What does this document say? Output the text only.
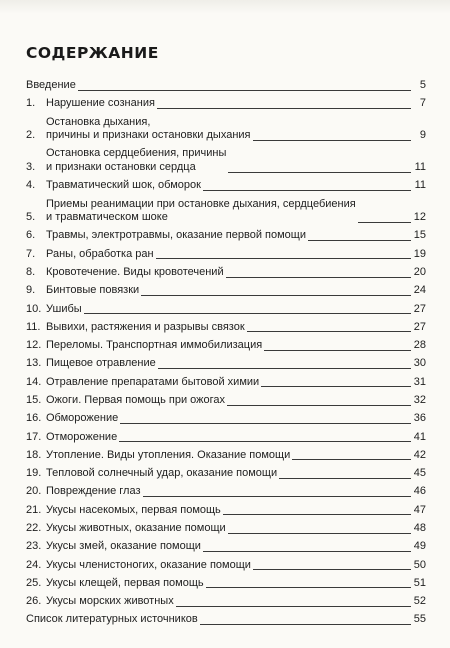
СОДЕРЖАНИЕ
Введение	5
1. Нарушение сознания	7
2.
Остановка дыхания,
причины и признаки остановки дыхания	9
3.
Остановка сердцебиения, причины
и признаки остановки сердца	11
4. Травматический шок, обморок	11
5.
Приемы реанимации при остановке дыхания, сердцебиения
и травматическом шоке	12
6. Травмы, электротравмы, оказание первой помощи	15
7. Раны, обработка ран	19
8. Кровотечение. Виды кровотечений	20
9. Бинтовые повязки	24
10. Ушибы	27
11. Вывихи, растяжения и разрывы связок	27
12. Переломы. Транспортная иммобилизация	28
13. Пищевое отравление	30
14. Отравление препаратами бытовой химии	31
15. Ожоги. Первая помощь при ожогах	32
16. Обморожение	36
17. Отморожение	41
18. Утопление. Виды утопления. Оказание помощи	42
19. Тепловой солнечный удар, оказание помощи	45
20. Повреждение глаз	46
21. Укусы насекомых, первая помощь	47
22. Укусы животных, оказание помощи	48
23. Укусы змей, оказание помощи	49
24. Укусы членистоногих, оказание помощи	50
25. Укусы клещей, первая помощь	51
26. Укусы морских животных	52
Список литературных источников	55
